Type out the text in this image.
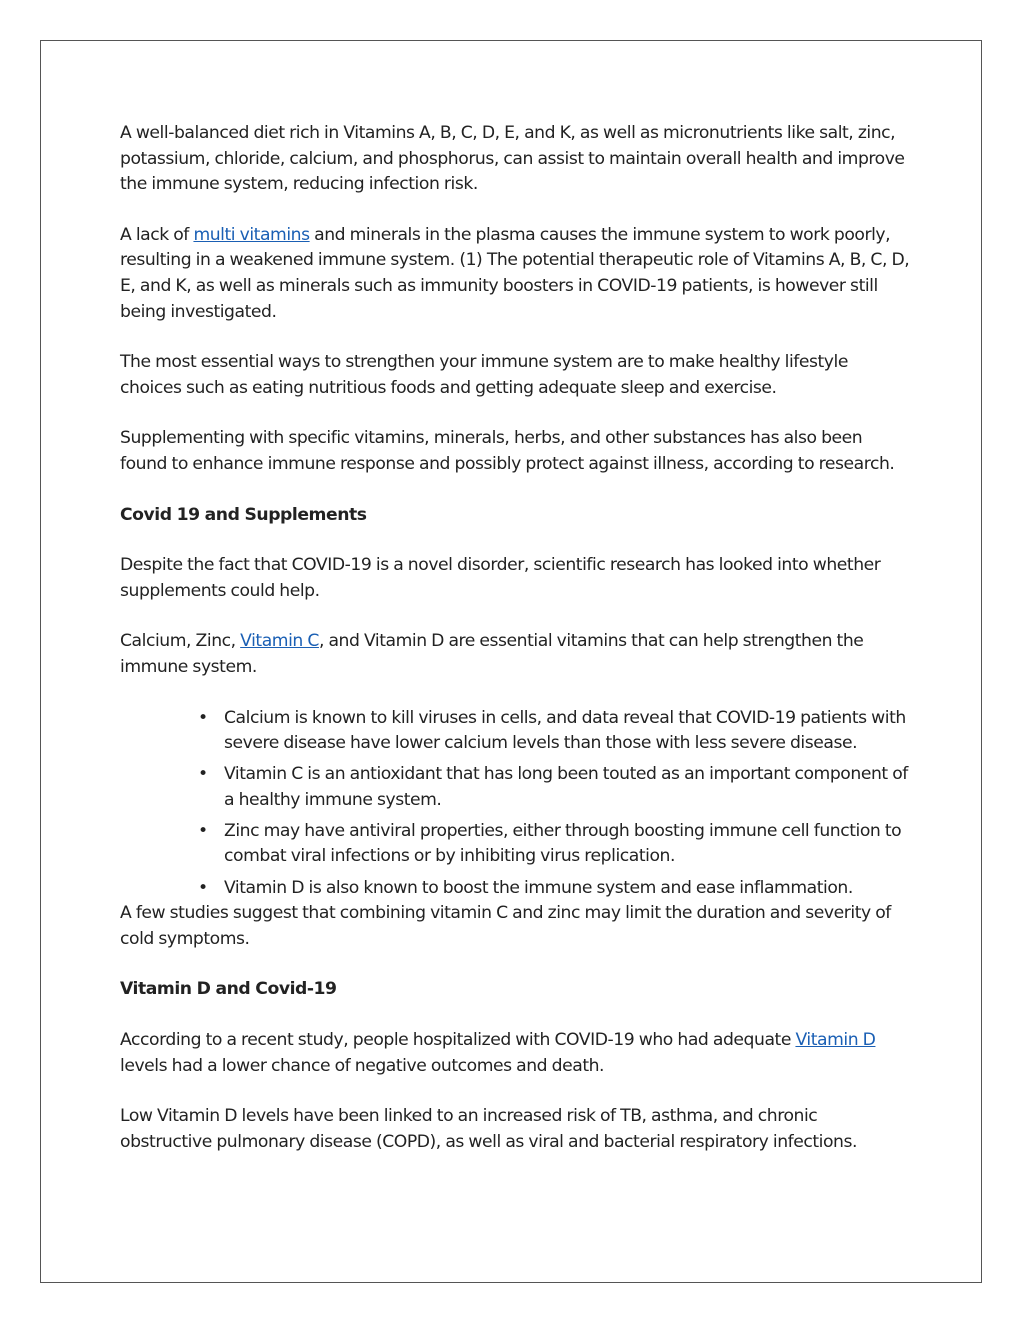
A well-balanced diet rich in Vitamins A, B, C, D, E, and K, as well as micronutrients like salt, zinc, potassium, chloride, calcium, and phosphorus, can assist to maintain overall health and improve the immune system, reducing infection risk.

A lack of multi vitamins and minerals in the plasma causes the immune system to work poorly, resulting in a weakened immune system. (1) The potential therapeutic role of Vitamins A, B, C, D, E, and K, as well as minerals such as immunity boosters in COVID-19 patients, is however still being investigated.

The most essential ways to strengthen your immune system are to make healthy lifestyle choices such as eating nutritious foods and getting adequate sleep and exercise.

Supplementing with specific vitamins, minerals, herbs, and other substances has also been found to enhance immune response and possibly protect against illness, according to research.

Covid 19 and Supplements

Despite the fact that COVID-19 is a novel disorder, scientific research has looked into whether supplements could help.

Calcium, Zinc, Vitamin C, and Vitamin D are essential vitamins that can help strengthen the immune system.

• Calcium is known to kill viruses in cells, and data reveal that COVID-19 patients with severe disease have lower calcium levels than those with less severe disease.
• Vitamin C is an antioxidant that has long been touted as an important component of a healthy immune system.
• Zinc may have antiviral properties, either through boosting immune cell function to combat viral infections or by inhibiting virus replication.
• Vitamin D is also known to boost the immune system and ease inflammation.

A few studies suggest that combining vitamin C and zinc may limit the duration and severity of cold symptoms.

Vitamin D and Covid-19

According to a recent study, people hospitalized with COVID-19 who had adequate Vitamin D levels had a lower chance of negative outcomes and death.

Low Vitamin D levels have been linked to an increased risk of TB, asthma, and chronic obstructive pulmonary disease (COPD), as well as viral and bacterial respiratory infections.
